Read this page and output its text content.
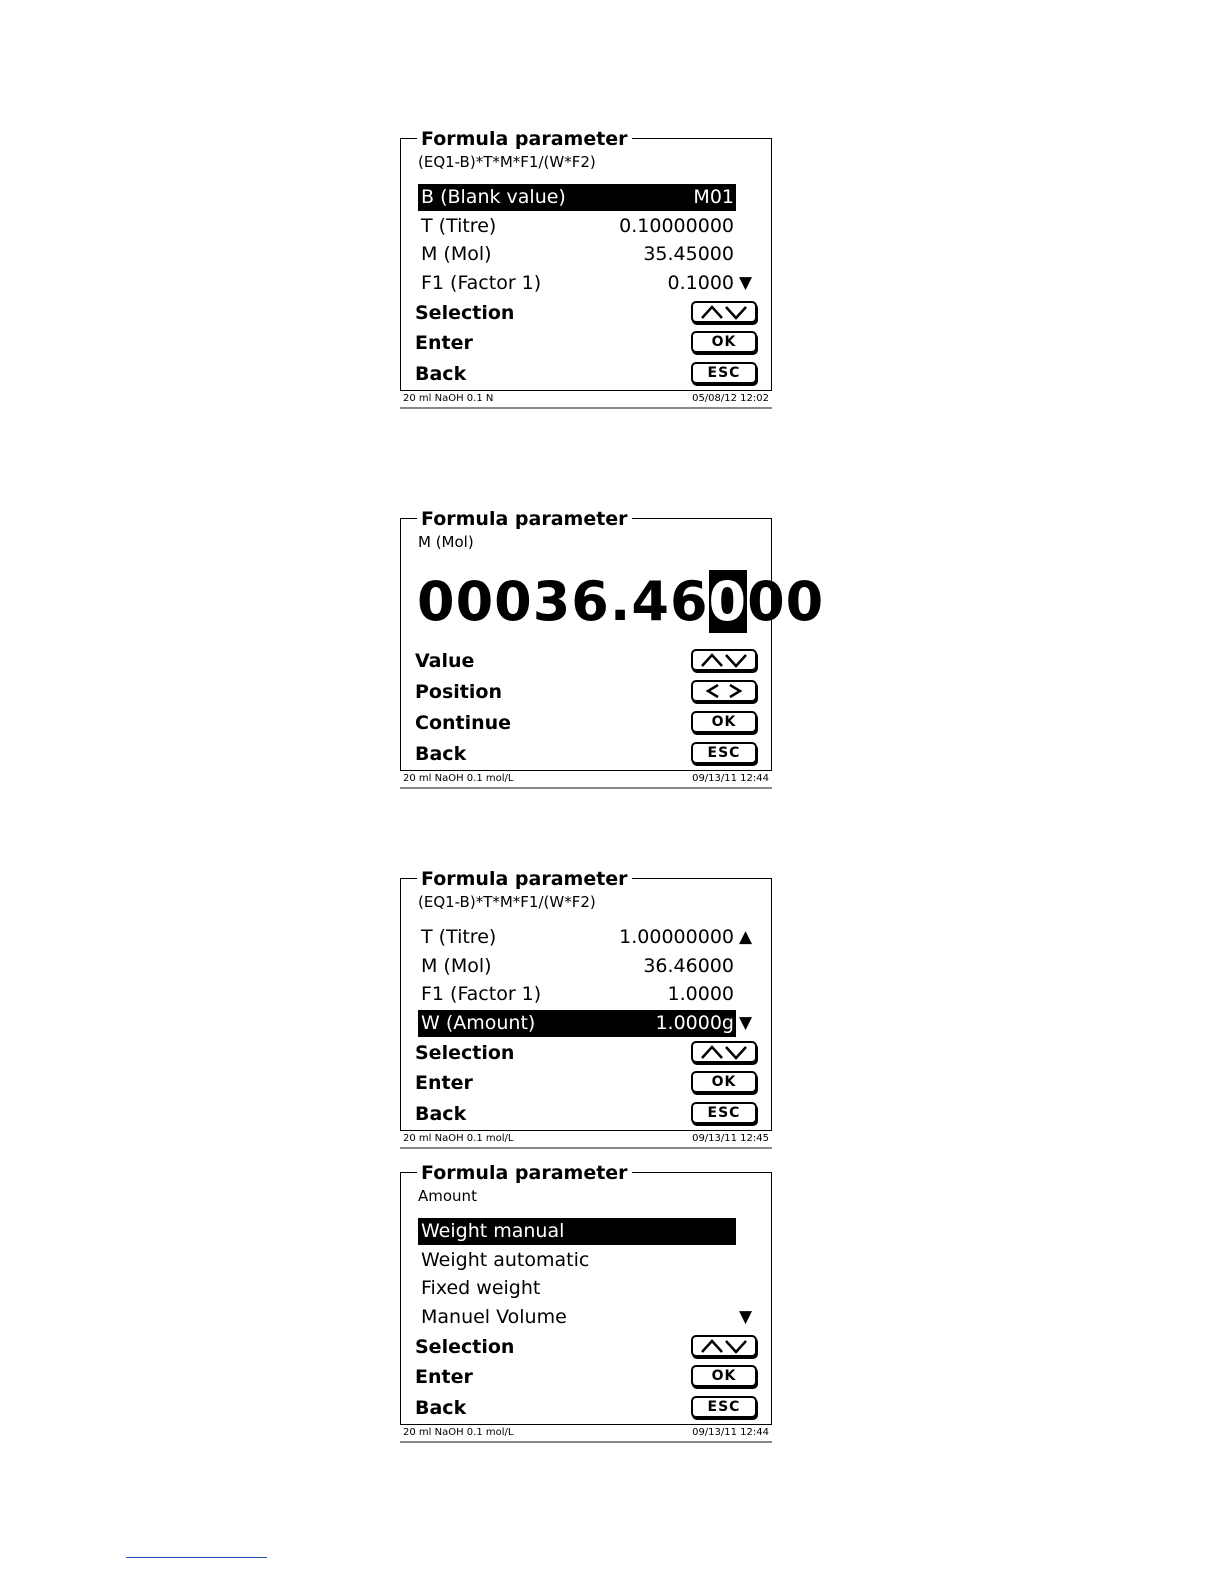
Formula parameter
(EQ1-B)*T*M*F1/(W*F2)
B (Blank value)	M01
T (Titre)	0.10000000
M (Mol)	35.45000
F1 (Factor 1)	0.1000 ▼
Selection
Enter	OK
Back	ESC
20 ml NaOH 0.1 N	05/08/12 12:02
Formula parameter
M (Mol)
00036.46000
Value
Position
Continue	OK
Back	ESC
20 ml NaOH 0.1 mol/L	09/13/11 12:44
Formula parameter
(EQ1-B)*T*M*F1/(W*F2)
T (Titre)	1.00000000 ▲
M (Mol)	36.46000
F1 (Factor 1)	1.0000
W (Amount)	1.0000g ▼
Selection
Enter	OK
Back	ESC
20 ml NaOH 0.1 mol/L	09/13/11 12:45
Formula parameter
Amount
Weight manual
Weight automatic
Fixed weight
Manuel Volume	▼
Selection
Enter	OK
Back	ESC
20 ml NaOH 0.1 mol/L	09/13/11 12:44
